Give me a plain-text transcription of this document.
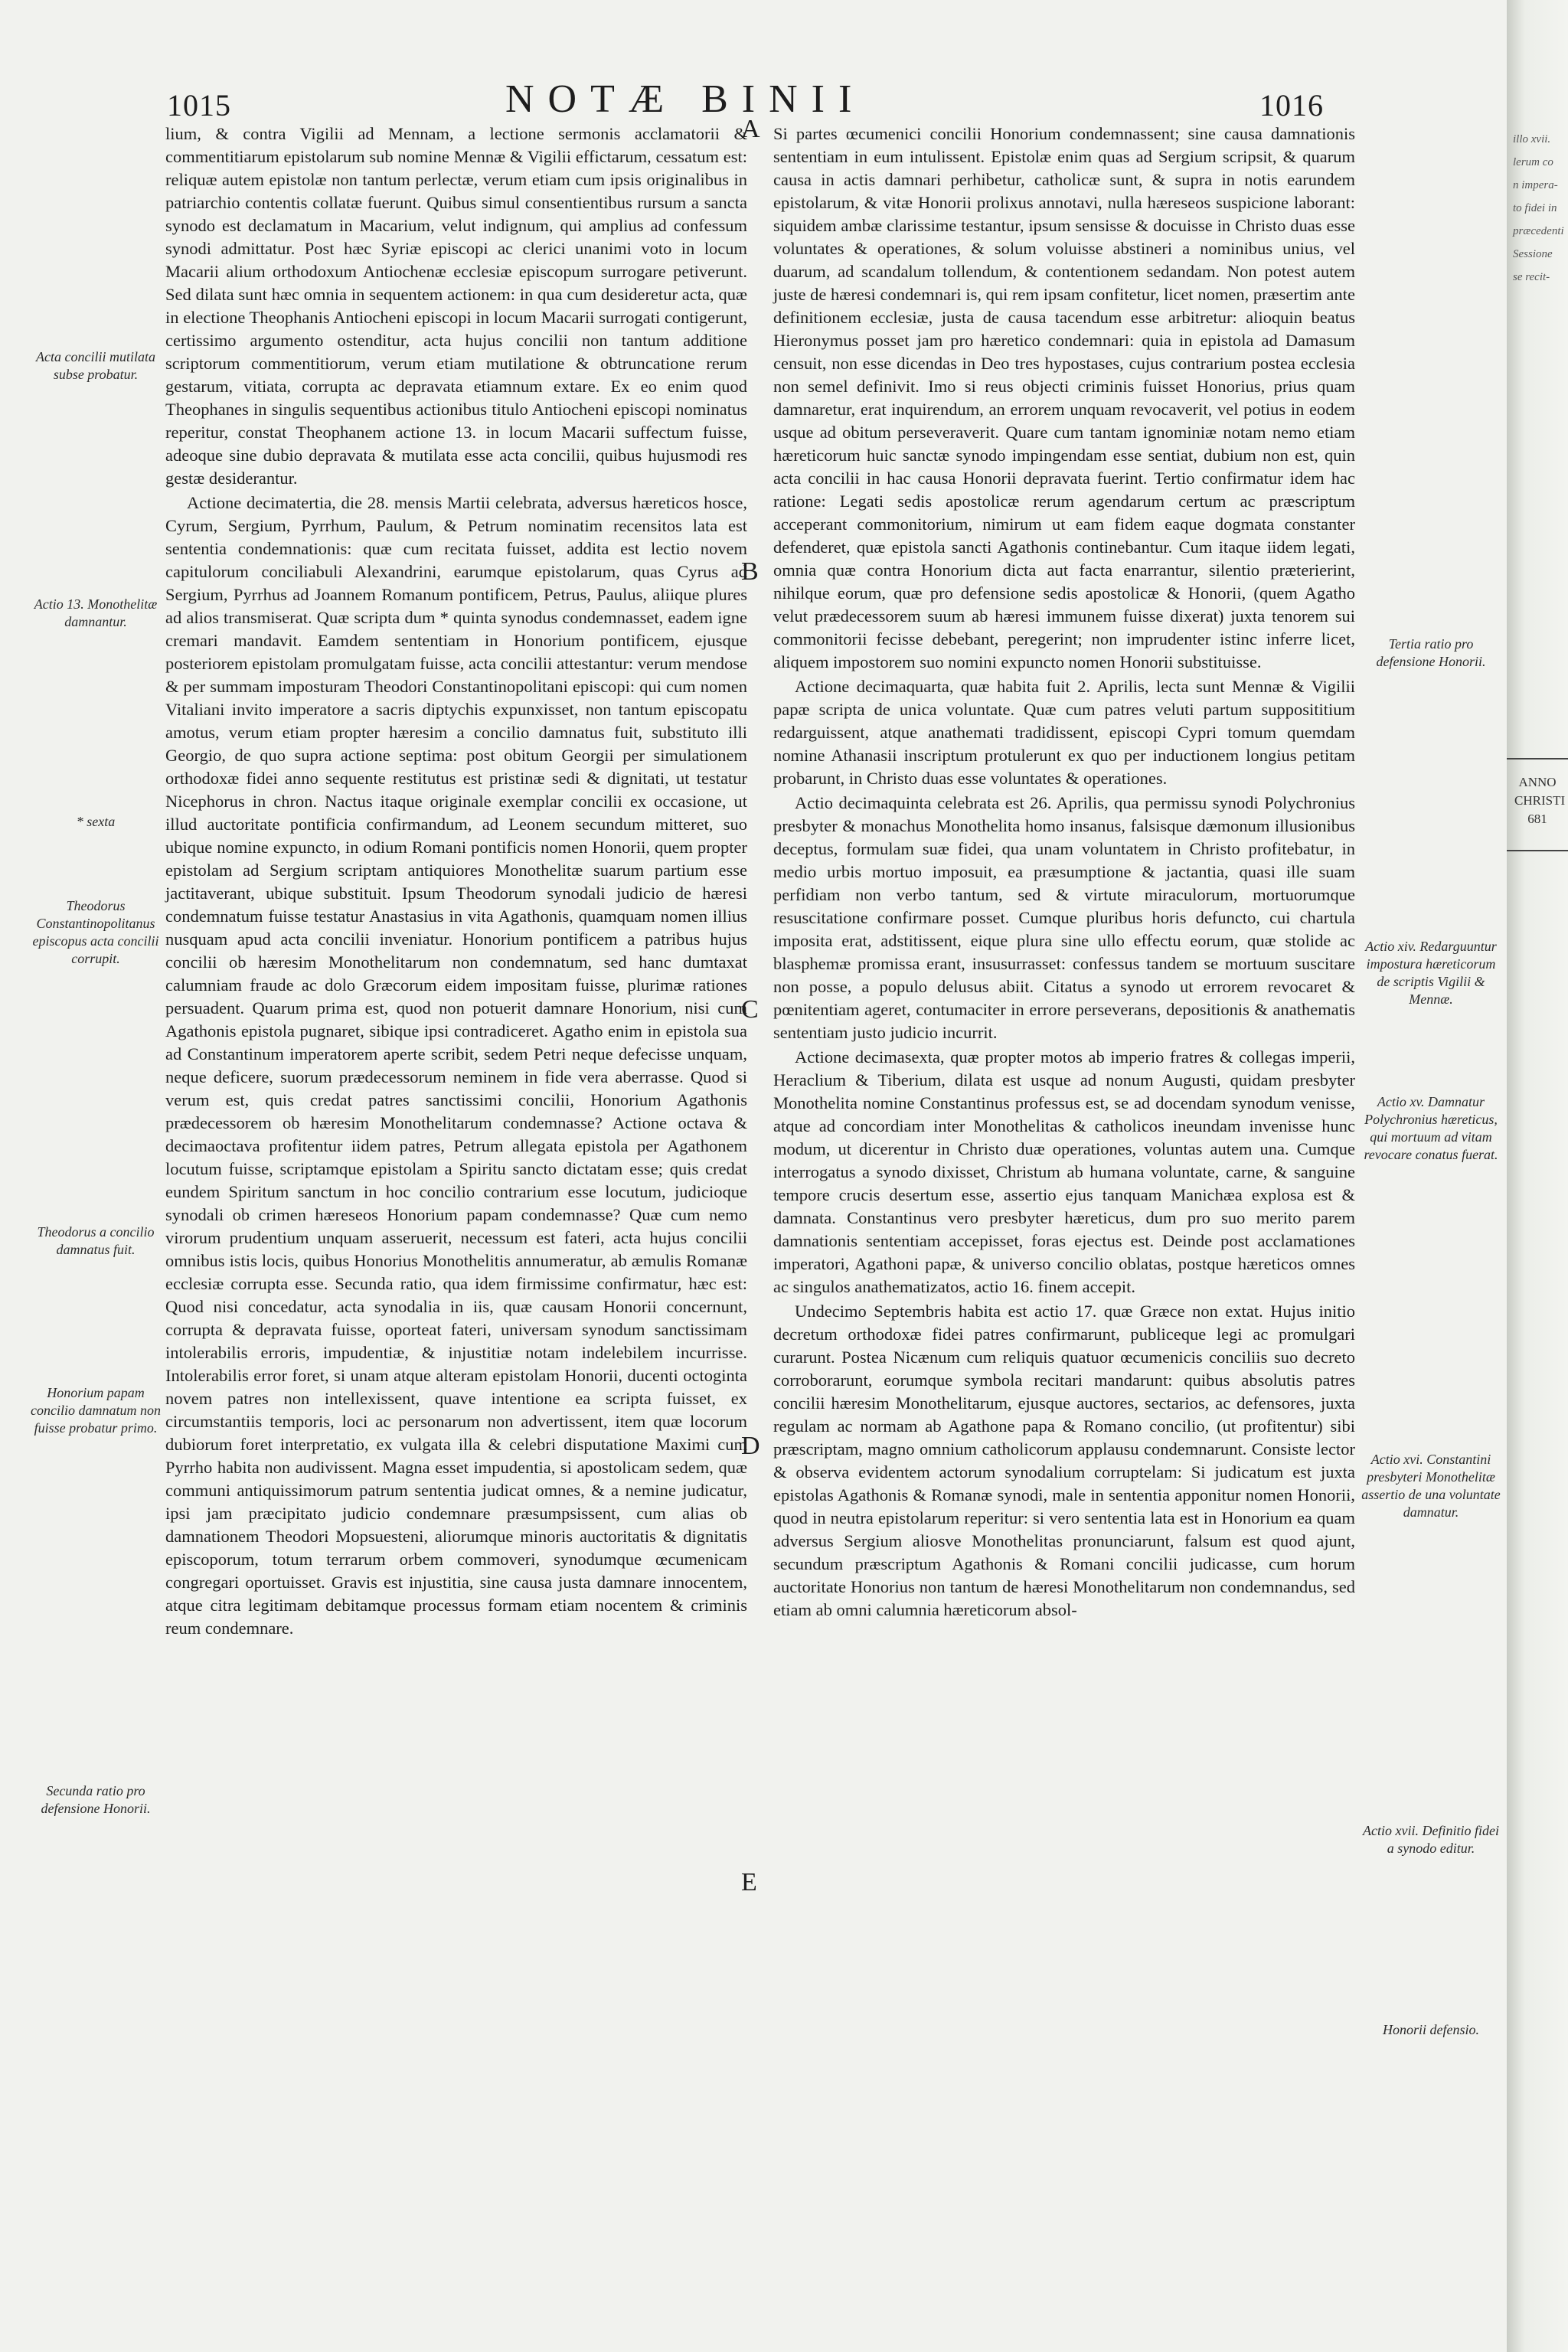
1015	NOTÆ BINII	1016
A
B
C
D
E
Acta concilii mutilata subse probatur.
Actio 13. Monothelitæ damnantur.
* sexta
Theodorus Constantinopolitanus episcopus acta concilii corrupit.
Theodorus a concilio damnatus fuit.
Honorium papam concilio damnatum non fuisse probatur primo.
Secunda ratio pro defensione Honorii.

lium, & contra Vigilii ad Mennam, a lectione sermonis acclamatorii & commentitiarum epistolarum sub nomine Mennæ & Vigilii effictarum, cessatum est: reliquæ autem epistolæ non tantum perlectæ, verum etiam cum ipsis originalibus in patriarchio contentis collatæ fuerunt. Quibus simul consentientibus rursum a sancta synodo est declamatum in Macarium, velut indignum, qui amplius ad confessum synodi admittatur. Post hæc Syriæ episcopi ac clerici unanimi voto in locum Macarii alium orthodoxum Antiochenæ ecclesiæ episcopum surrogare petiverunt. Sed dilata sunt hæc omnia in sequentem actionem: in qua cum desideretur acta, quæ in electione Theophanis Antiocheni episcopi in locum Macarii surrogati contigerunt, certissimo argumento ostenditur, acta hujus concilii non tantum additione scriptorum commentitiorum, verum etiam mutilatione & obtruncatione rerum gestarum, vitiata, corrupta ac depravata etiamnum extare. Ex eo enim quod Theophanes in singulis sequentibus actionibus titulo Antiocheni episcopi nominatus reperitur, constat Theophanem actione 13. in locum Macarii suffectum fuisse, adeoque sine dubio depravata & mutilata esse acta concilii, quibus hujusmodi res gestæ desiderantur.

Actione decimatertia, die 28. mensis Martii celebrata, adversus hæreticos hosce, Cyrum, Sergium, Pyrrhum, Paulum, & Petrum nominatim recensitos lata est sententia condemnationis: quæ cum recitata fuisset, addita est lectio novem capitulorum conciliabuli Alexandrini, earumque epistolarum, quas Cyrus ad Sergium, Pyrrhus ad Joannem Romanum pontificem, Petrus, Paulus, aliique plures ad alios transmiserat. Quæ scripta dum * quinta synodus condemnasset, eadem igne cremari mandavit. Eamdem sententiam in Honorium pontificem, ejusque posteriorem epistolam promulgatam fuisse, acta concilii attestantur: verum mendose & per summam imposturam Theodori Constantinopolitani episcopi: qui cum nomen Vitaliani invito imperatore a sacris diptychis expunxisset, non tantum episcopatu amotus, verum etiam propter hæresim a concilio damnatus fuit, substituto illi Georgio, de quo supra actione septima: post obitum Georgii per simulationem orthodoxæ fidei anno sequente restitutus est pristinæ sedi & dignitati, ut testatur Nicephorus in chron. Nactus itaque originale exemplar concilii ex occasione, ut illud auctoritate pontificia confirmandum, ad Leonem secundum mitteret, suo ubique nomine expuncto, in odium Romani pontificis nomen Honorii, quem propter epistolam ad Sergium scriptam antiquiores Monothelitæ suarum partium esse jactitaverant, ubique substituit. Ipsum Theodorum synodali judicio de hæresi condemnatum fuisse testatur Anastasius in vita Agathonis, quamquam nomen illius nusquam apud acta concilii inveniatur. Honorium pontificem a patribus hujus concilii ob hæresim Monothelitarum non condemnatum, sed hanc dumtaxat calumniam fraude ac dolo Græcorum eidem impositam fuisse, plurimæ rationes persuadent. Quarum prima est, quod non potuerit damnare Honorium, nisi cum Agathonis epistola pugnaret, sibique ipsi contradiceret. Agatho enim in epistola sua ad Constantinum imperatorem aperte scribit, sedem Petri neque defecisse unquam, neque deficere, suorum prædecessorum neminem in fide vera aberrasse. Quod si verum est, quis credat patres sanctissimi concilii, Honorium Agathonis prædecessorem ob hæresim Monothelitarum condemnasse? Actione octava & decimaoctava profitentur iidem patres, Petrum allegata epistola per Agathonem locutum fuisse, scriptamque epistolam a Spiritu sancto dictatam esse; quis credat eundem Spiritum sanctum in hoc concilio contrarium esse locutum, judicioque synodali ob crimen hæreseos Honorium papam condemnasse? Quæ cum nemo virorum prudentium unquam asseruerit, necessum est fateri, acta hujus concilii omnibus istis locis, quibus Honorius Monothelitis annumeratur, ab æmulis Romanæ ecclesiæ corrupta esse. Secunda ratio, qua idem firmissime confirmatur, hæc est: Quod nisi concedatur, acta synodalia in iis, quæ causam Honorii concernunt, corrupta & depravata fuisse, oporteat fateri, universam synodum sanctissimam intolerabilis erroris, impudentiæ, & injustitiæ notam indelebilem incurrisse. Intolerabilis error foret, si unam atque alteram epistolam Honorii, ducenti octoginta novem patres non intellexissent, quave intentione ea scripta fuisset, ex circumstantiis temporis, loci ac personarum non advertissent, item quæ locorum dubiorum foret interpretatio, ex vulgata illa & celebri disputatione Maximi cum Pyrrho habita non audivissent. Magna esset impudentia, si apostolicam sedem, quæ communi antiquissimorum patrum sententia judicat omnes, & a nemine judicatur, ipsi jam præcipitato judicio condemnare præsumpsissent, cum alias ob damnationem Theodori Mopsuesteni, aliorumque minoris auctoritatis & dignitatis episcoporum, totum terrarum orbem commoveri, synodumque œcumenicam congregari oportuisset. Gravis est injustitia, sine causa justa damnare innocentem, atque citra legitimam debitamque processus formam etiam nocentem & criminis reum condemnare.

Si partes œcumenici concilii Honorium condemnassent; sine causa damnationis sententiam in eum intulissent. Epistolæ enim quas ad Sergium scripsit, & quarum causa in actis damnari perhibetur, catholicæ sunt, & supra in notis earundem epistolarum, & vitæ Honorii prolixus annotavi, nulla hæreseos suspicione laborant: siquidem ambæ clarissime testantur, ipsum sensisse & docuisse in Christo duas esse voluntates & operationes, & solum voluisse abstineri a nominibus unius, vel duarum, ad scandalum tollendum, & contentionem sedandam. Non potest autem juste de hæresi condemnari is, qui rem ipsam confitetur, licet nomen, præsertim ante definitionem ecclesiæ, justa de causa tacendum esse arbitretur: alioquin beatus Hieronymus posset jam pro hæretico condemnari: quia in epistola ad Damasum censuit, non esse dicendas in Deo tres hypostases, cujus contrarium postea ecclesia non semel definivit. Imo si reus objecti criminis fuisset Honorius, prius quam damnaretur, erat inquirendum, an errorem unquam revocaverit, vel potius in eodem usque ad obitum perseveraverit. Quare cum tantam ignominiæ notam nemo etiam hæreticorum huic sanctæ synodo impingendam esse sentiat, dubium non est, quin acta concilii in hac causa Honorii depravata fuerint. Tertio confirmatur idem hac ratione: Legati sedis apostolicæ rerum agendarum certum ac præscriptum acceperant commonitorium, nimirum ut eam fidem eaque dogmata constanter defenderet, quæ epistola sancti Agathonis continebantur. Cum itaque iidem legati, omnia quæ contra Honorium dicta aut facta enarrantur, silentio præterierint, nihilque eorum, quæ pro defensione sedis apostolicæ & Honorii, (quem Agatho velut prædecessorem suum ab hæresi immunem fuisse dixerat) juxta tenorem sui commonitorii fecisse debebant, peregerint; non imprudenter istinc inferre licet, aliquem impostorem suo nomini expuncto nomen Honorii substituisse.

Actione decimaquarta, quæ habita fuit 2. Aprilis, lecta sunt Mennæ & Vigilii papæ scripta de unica voluntate. Quæ cum patres veluti partum supposititium redarguissent, atque anathemati tradidissent, episcopi Cypri tomum quemdam nomine Athanasii inscriptum protulerunt ex quo per inductionem longius petitam probarunt, in Christo duas esse voluntates & operationes.

Actio decimaquinta celebrata est 26. Aprilis, qua permissu synodi Polychronius presbyter & monachus Monothelita homo insanus, falsisque dæmonum illusionibus deceptus, formulam suæ fidei, qua unam voluntatem in Christo profitebatur, in medio urbis mortuo imposuit, ea præsumptione & jactantia, quasi ille suam perfidiam non verbo tantum, sed & virtute miraculorum, mortuorumque resuscitatione confirmare posset. Cumque pluribus horis defuncto, cui chartula imposita erat, adstitissent, eique plura sine ullo effectu eorum, quæ stolide ac blasphemæ promissa erant, insusurrasset: confessus tandem se mortuum suscitare non posse, a populo delusus abiit. Citatus a synodo ut errorem revocaret & pœnitentiam ageret, contumaciter in errore perseverans, depositionis & anathematis sententiam justo judicio incurrit.

Actione decimasexta, quæ propter motos ab imperio fratres & collegas imperii, Heraclium & Tiberium, dilata est usque ad nonum Augusti, quidam presbyter Monothelita nomine Constantinus professus est, se ad docendam synodum venisse, atque ad concordiam inter Monothelitas & catholicos ineundam invenisse hunc modum, ut dicerentur in Christo duæ operationes, voluntas autem una. Cumque interrogatus a synodo dixisset, Christum ab humana voluntate, carne, & sanguine tempore crucis desertum esse, assertio ejus tanquam Manichæa explosa est & damnata. Constantinus vero presbyter hæreticus, dum pro suo merito parem damnationis sententiam accepisset, foras ejectus est. Deinde post acclamationes imperatori, Agathoni papæ, & universo concilio oblatas, postque hæreticos omnes ac singulos anathematizatos, actio 16. finem accepit.

Undecimo Septembris habita est actio 17. quæ Græce non extat. Hujus initio decretum orthodoxæ fidei patres confirmarunt, publiceque legi ac promulgari curarunt. Postea Nicænum cum reliquis quatuor œcumenicis conciliis suo decreto corroborarunt, eorumque symbola recitari mandarunt: quibus absolutis patres concilii hæresim Monothelitarum, ejusque auctores, sectarios, ac defensores, juxta regulam ac normam ab Agathone papa & Romano concilio, (ut profitentur) sibi præscriptam, magno omnium catholicorum applausu condemnarunt. Consiste lector & observa evidentem actorum synodalium corruptelam: Si judicatum est juxta epistolas Agathonis & Romanæ synodi, male in sententia apponitur nomen Honorii, quod in neutra epistolarum reperitur: si vero sententia lata est in Honorium ea quam adversus Sergium aliosve Monothelitas pronunciarunt, falsum est quod ajunt, secundum præscriptum Agathonis & Romani concilii judicasse, cum horum auctoritate Honorius non tantum de hæresi Monothelitarum non condemnandus, sed etiam ab omni calumnia hæreticorum absol-

Tertia ratio pro defensione Honorii.
Actio xiv. Redarguuntur impostura hæreticorum de scriptis Vigilii & Mennæ.
Actio xv. Damnatur Polychronius hæreticus, qui mortuum ad vitam revocare conatus fuerat.
Actio xvi. Constantini presbyteri Monothelitæ assertio de una voluntate damnatur.
Actio xvii. Definitio fidei a synodo editur.
Honorii defensio.
illo xvii.
lerum co
n impera-
to fidei in
præcedenti
Sessione
se recit-
ANNO CHRISTI 681
